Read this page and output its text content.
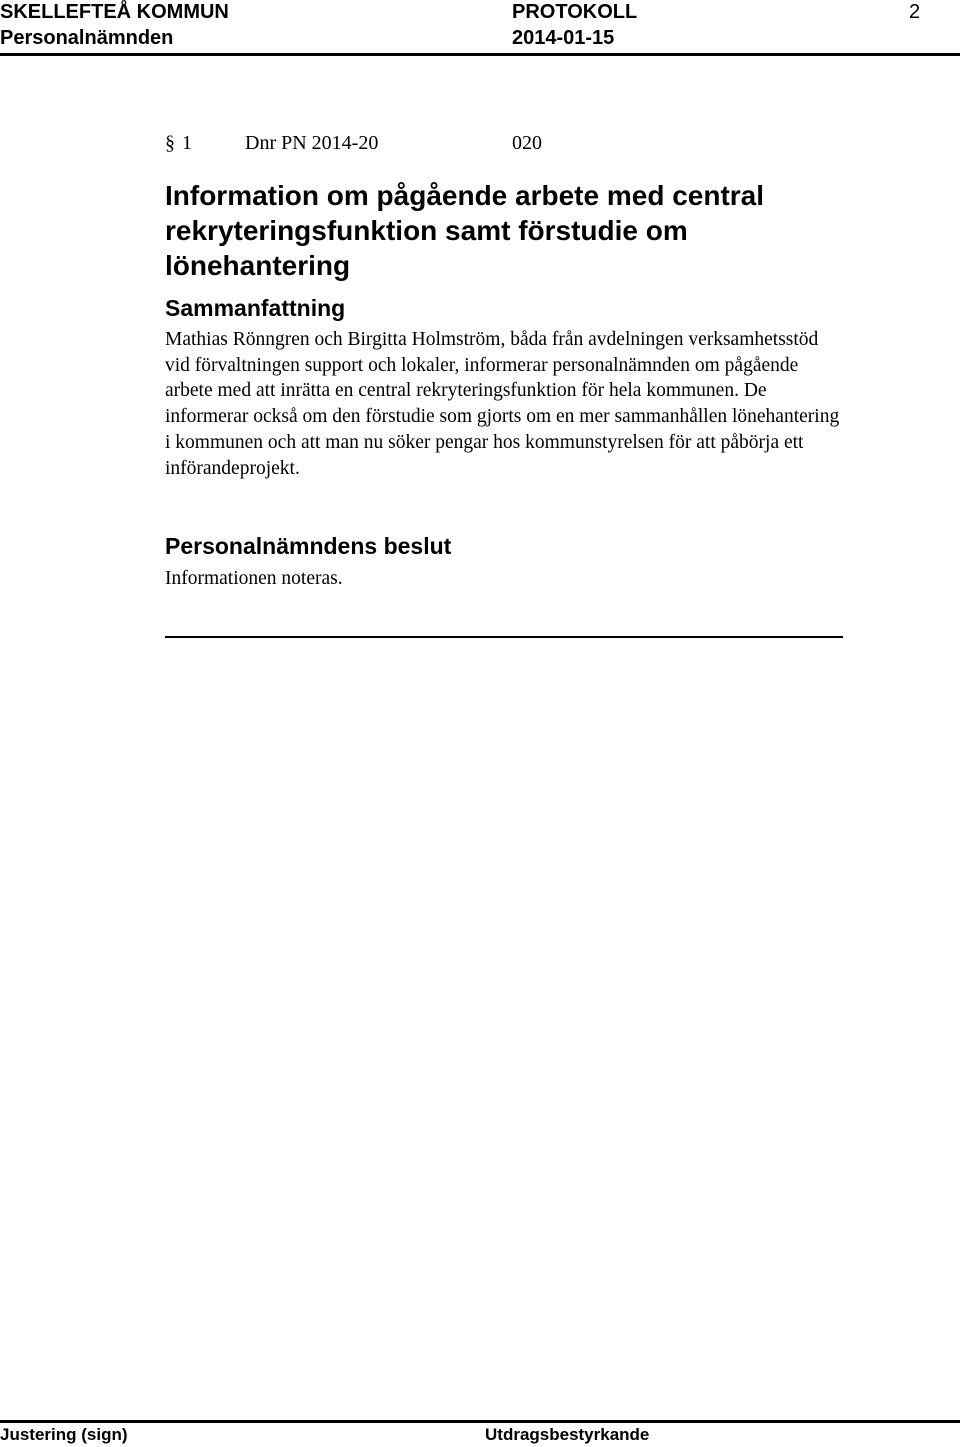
SKELLEFTEÅ KOMMUN
Personalnämnden
PROTOKOLL
2014-01-15
2
§ 1	Dnr PN 2014-20	020
Information om pågående arbete med central rekryteringsfunktion samt förstudie om lönehantering
Sammanfattning

Mathias Rönngren och Birgitta Holmström, båda från avdelningen verksamhetsstöd vid förvaltningen support och lokaler, informerar personalnämnden om pågående arbete med att inrätta en central rekryteringsfunktion för hela kommunen. De informerar också om den förstudie som gjorts om en mer sammanhållen lönehantering i kommunen och att man nu söker pengar hos kommunstyrelsen för att påbörja ett införandeprojekt.

Personalnämndens beslut

Informationen noteras.

Justering (sign)	Utdragsbestyrkande
